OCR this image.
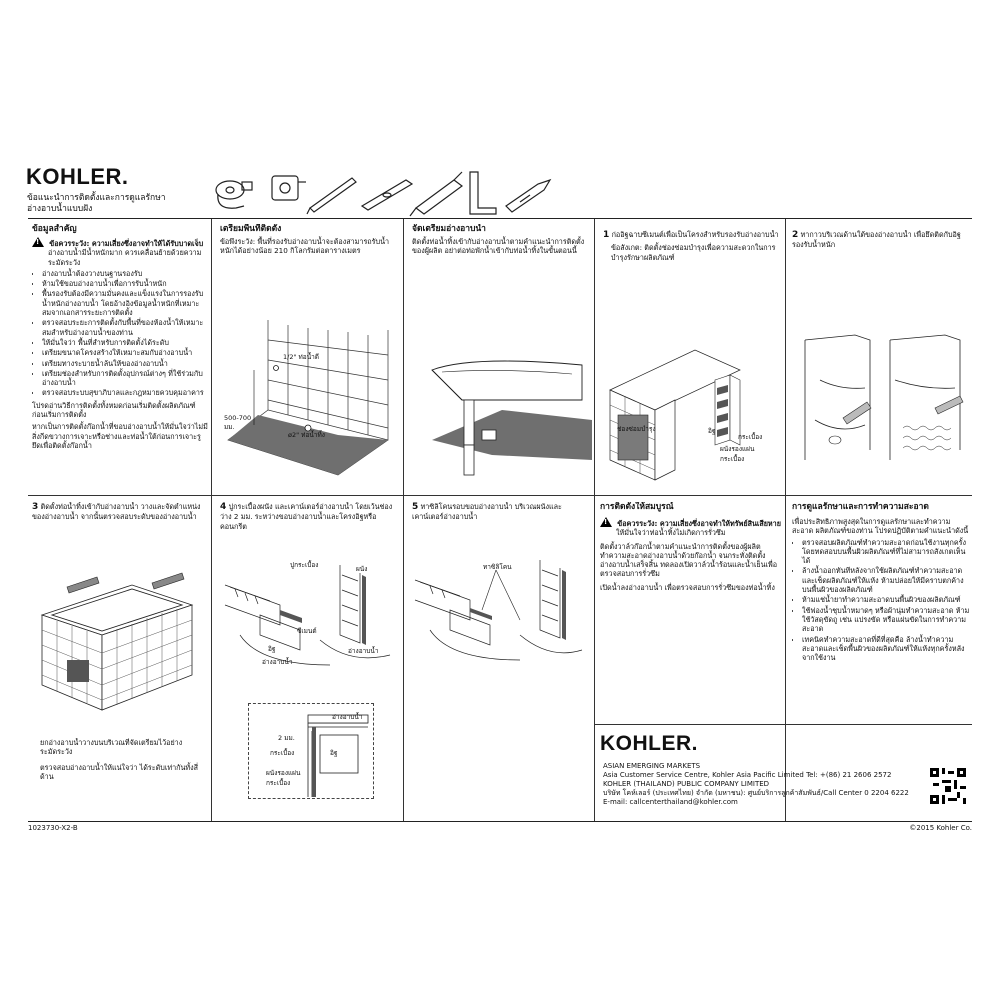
KOHLER.
ข้อแนะนำการติดตั้งและการดูแลรักษา
อ่างอาบน้ำแบบฝัง
ข้อมูลสำคัญ
! ข้อควรระวัง: ความเสี่ยงซึ่งอาจทำให้ได้รับบาดเจ็บ
อ่างอาบน้ำมีน้ำหนักมาก ควรเคลื่อนย้ายด้วยความระมัดระวัง
• อ่างอาบน้ำต้องวางบนฐานรองรับ
• ห้ามใช้ขอบอ่างอาบน้ำเพื่อการรับน้ำหนัก
• พื้นรองรับต้องมีความมั่นคงและแข็งแรงในการรองรับน้ำหนักอ่างอาบน้ำ โดยอ้างอิงข้อมูลน้ำหนักที่เหมาะสมจากเอกสารระยะการติดตั้ง
• ตรวจสอบระยะการติดตั้งกับพื้นที่ของห้องน้ำให้เหมาะสมสำหรับอ่างอาบน้ำของท่าน
• ให้มั่นใจว่า พื้นที่สำหรับการติดตั้งได้ระดับ
• เตรียมขนาดโครงสร้างให้เหมาะสมกับอ่างอาบน้ำ
• เตรียมทางระบายน้ำล้นให้ของอ่างอาบน้ำ
• เตรียมช่องสำหรับการติดตั้งอุปกรณ์ต่างๆ ที่ใช้ร่วมกับอ่างอาบน้ำ
• ตรวจสอบระบบสุขาภิบาลและกฎหมายควบคุมอาคาร
โปรดอ่านวิธีการติดตั้งทั้งหมดก่อนเริ่มติดตั้งผลิตภัณฑ์ก่อนเริ่มการติดตั้ง
หากเป็นการติดตั้งก๊อกน้ำที่ขอบอ่างอาบน้ำให้มั่นใจว่าไม่มีสิ่งกีดขวางการเจาะหรือช่างและท่อน้ำใต้ก่อนการเจาะรูยึดเพื่อติดตั้งก๊อกน้ำ
เตรียมพื้นที่ติดตั้ง
ข้อพึงระวัง: พื้นที่รองรับอ่างอาบน้ำจะต้องสามารถรับน้ำหนักได้อย่างน้อย 210 กิโลกรัมต่อตารางเมตร
1/2" ท่อน้ำดี
500-700 มม.
ø2" ท่อน้ำทิ้ง
จัดเตรียมอ่างอาบน้ำ
ติดตั้งท่อน้ำทิ้งเข้ากับอ่างอาบน้ำตามคำแนะนำการติดตั้งของผู้ผลิต อย่าต่อท่อพักน้ำเข้ากับท่อน้ำทิ้งในขั้นตอนนี้
1 ก่ออิฐฉาบซีเมนต์เพื่อเป็นโครงสำหรับรองรับอ่างอาบน้ำ
ข้อสังเกต: ติดตั้งช่องซ่อมบำรุงเพื่อความสะดวกในการบำรุงรักษาผลิตภัณฑ์
ช่องซ่อมบำรุง	อิฐ
กระเบื้อง
ผนังรองแผ่นกระเบื้อง
2 ทากาวบริเวณด้านใต้ของอ่างอาบน้ำ เพื่อยึดติดกับอิฐรองรับน้ำหนัก
3 ติดตั้งท่อน้ำทิ้งเข้ากับอ่างอาบน้ำ วางและจัดตำแหน่งของอ่างอาบน้ำ จากนั้นตรวจสอบระดับของอ่างอาบน้ำ
ยกอ่างอาบน้ำวางบนบริเวณที่จัดเตรียมไว้อย่างระมัดระวัง
ตรวจสอบอ่างอาบน้ำให้แน่ใจว่า ได้ระดับเท่ากันทั้งสี่ด้าน
4 ปูกระเบื้องผนัง และเคาน์เตอร์อ่างอาบน้ำ โดยเว้นช่องว่าง 2 มม. ระหว่างขอบอ่างอาบน้ำและโครงอิฐหรือคอนกรีต
ปูกระเบื้อง	ผนัง
ซีเมนต์
อิฐ
อ่างอาบน้ำ
อ่างอาบน้ำ
อ่างอาบน้ำ
2 มม.
กระเบื้อง	อิฐ
ผนังรองแผ่นกระเบื้อง
5 ทาซิลิโคนรอบขอบอ่างอาบน้ำ บริเวณผนังและเคาน์เตอร์อ่างอาบน้ำ
ทาซิลิโคน
การติดตั้งให้สมบูรณ์
! ข้อควรระวัง: ความเสี่ยงซึ่งอาจทำให้ทรัพย์สินเสียหาย
ให้มั่นใจว่าท่อน้ำทิ้งไม่เกิดการรั่วซึม
ติดตั้งวาล์วก๊อกน้ำตามคำแนะนำการติดตั้งของผู้ผลิต ทำความสะอาดอ่างอาบน้ำด้วยก๊อกน้ำ จนกระทั่งติดตั้งอ่างอาบน้ำเสร็จสิ้น ทดลองเปิดวาล์วน้ำร้อนและน้ำเย็นเพื่อตรวจสอบการรั่วซึม
เปิดน้ำลงอ่างอาบน้ำ เพื่อตรวจสอบการรั่วซึมของท่อน้ำทิ้ง
การดูแลรักษาและการทำความสะอาด
เพื่อประสิทธิภาพสูงสุดในการดูแลรักษาและทำความสะอาด ผลิตภัณฑ์ของท่าน โปรดปฏิบัติตามคำแนะนำดังนี้
• ตรวจสอบผลิตภัณฑ์ทำความสะอาดก่อนใช้งานทุกครั้ง โดยทดสอบบนพื้นผิวผลิตภัณฑ์ที่ไม่สามารถสังเกตเห็นได้
• ล้างน้ำออกทันทีหลังจากใช้ผลิตภัณฑ์ทำความสะอาดและเช็ดผลิตภัณฑ์ให้แห้ง ห้ามปล่อยให้มีคราบตกค้างบนพื้นผิวของผลิตภัณฑ์
• ห้ามแช่น้ำยาทำความสะอาดบนพื้นผิวของผลิตภัณฑ์
• ใช้ฟองน้ำชุบน้ำหมาดๆ หรือผ้านุ่มทำความสะอาด ห้ามใช้วัสดุขัดถู เช่น แปรงขัด หรือแผ่นขัดในการทำความสะอาด
• เทคนิคทำความสะอาดที่ดีที่สุดคือ ล้างน้ำทำความสะอาดและเช็ดพื้นผิวของผลิตภัณฑ์ให้แห้งทุกครั้งหลังจากใช้งาน
KOHLER.
ASIAN EMERGING MARKETS
Asia Customer Service Centre, Kohler Asia Pacific Limited Tel: +(86) 21 2606 2572
KOHLER (THAILAND) PUBLIC COMPANY LIMITED
บริษัท โคห์เลอร์ (ประเทศไทย) จำกัด (มหาชน): ศูนย์บริการลูกค้าสัมพันธ์/Call Center 0 2204 6222
E-mail: callcenterthailand@kohler.com
1023730-X2-B	©2015 Kohler Co.
